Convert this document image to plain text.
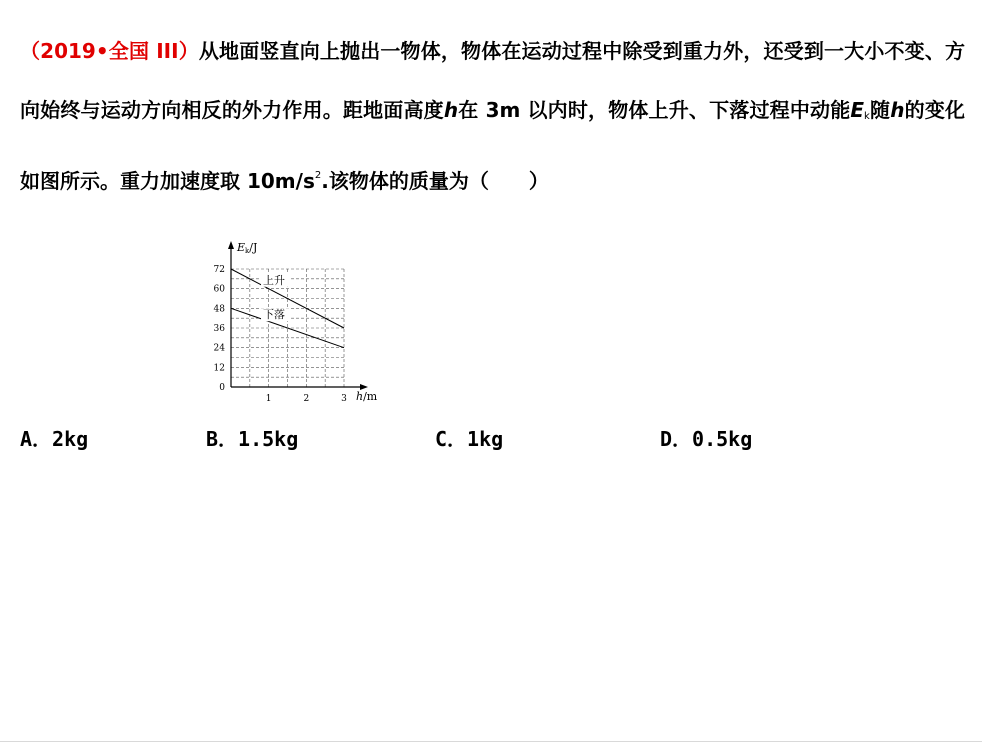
（2019•全国 III）从地面竖直向上抛出一物体，物体在运动过程中除受到重力外，还受到一大小不变、方向始终与运动方向相反的外力作用。距地面高度h在 3m 以内时，物体上升、下落过程中动能$E_k$随h的变化如图所示。重力加速度取 $10m/s^2$.该物体的质量为（　　）
Ek/J
h/m
72
60
48
36
24
12
0
1	2	3
上升
下落
A．2kg	B．1.5kg	C．1kg	D．0.5kg
